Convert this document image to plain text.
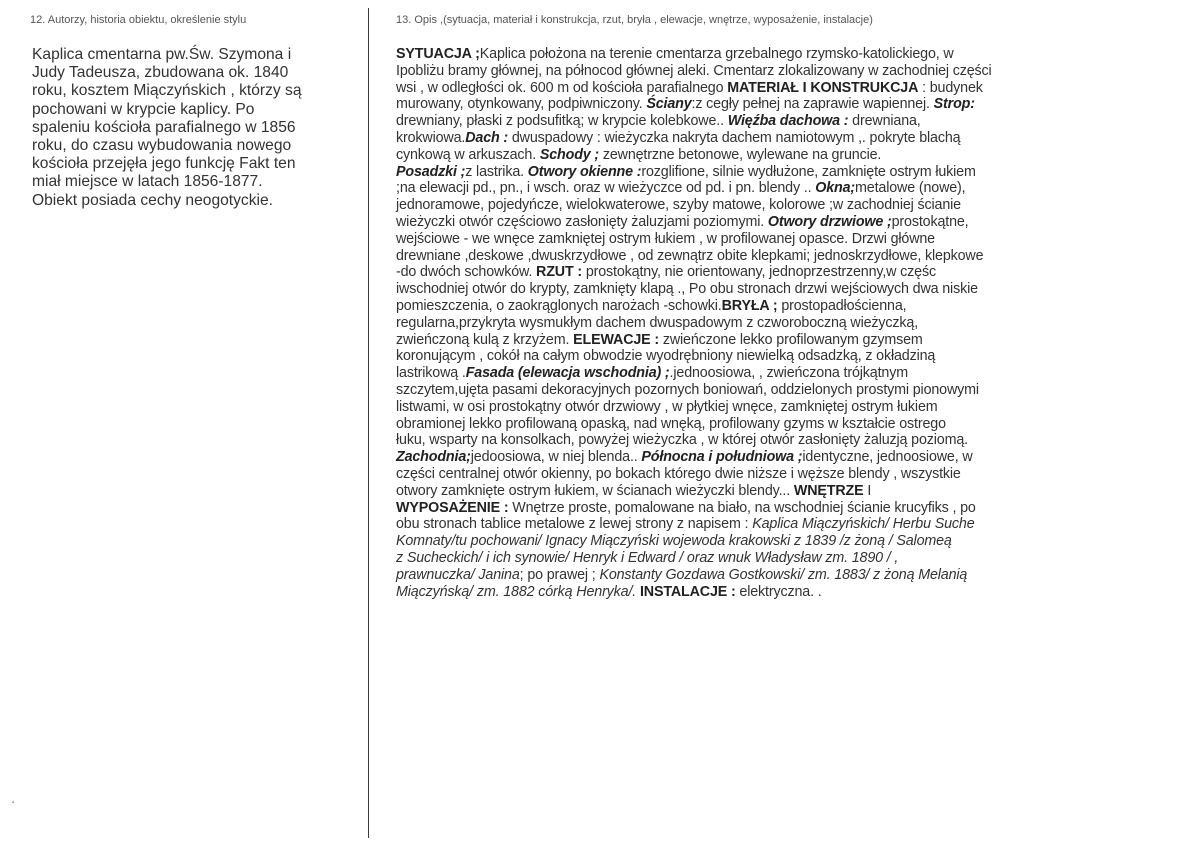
12. Autorzy, historia obiektu, określenie stylu
Kaplica cmentarna pw.Św. Szymona i
Judy Tadeusza, zbudowana ok. 1840
roku, kosztem Miączyńskich , którzy są
pochowani w krypcie kaplicy. Po
spaleniu kościoła parafialnego w 1856
roku, do czasu wybudowania nowego
kościoła przejęła jego funkcję Fakt ten
miał miejsce w latach 1856-1877.
Obiekt posiada cechy neogotyckie.
13. Opis ,(sytuacja, materiał i konstrukcja, rzut, bryła , elewacje, wnętrze, wyposażenie, instalacje)
SYTUACJA ;Kaplica położona na terenie cmentarza grzebalnego rzymsko-katolickiego, w
Ipobliżu bramy głównej, na północod głównej aleki. Cmentarz zlokalizowany w zachodniej części
wsi , w odległości ok. 600 m od kościoła parafialnego MATERIAŁ I KONSTRUKCJA : budynek
murowany, otynkowany, podpiwniczony. Ściany:z cegły pełnej na zaprawie wapiennej. Strop:
drewniany, płaski z podsufitką; w krypcie kolebkowe.. Więźba dachowa : drewniana,
krokwiowa.Dach : dwuspadowy : wieżyczka nakryta dachem namiotowym ,. pokryte blachą
cynkową w arkuszach. Schody ; zewnętrzne betonowe, wylewane na gruncie.
Posadzki ;z lastrika. Otwory okienne :rozglifione, silnie wydłużone, zamknięte ostrym łukiem
;na elewacji pd., pn., i wsch. oraz w wieżyczce od pd. i pn. blendy .. Okna;metalowe (nowe),
jednoramowe, pojedyńcze, wielokwaterowe, szyby matowe, kolorowe ;w zachodniej ścianie
wieżyczki otwór częściowo zasłonięty żaluzjami poziomymi. Otwory drzwiowe ;prostokątne,
wejściowe - we wnęce zamkniętej ostrym łukiem , w profilowanej opasce. Drzwi główne
drewniane ,deskowe ,dwuskrzydłowe , od zewnątrz obite klepkami; jednoskrzydłowe, klepkowe
-do dwóch schowków. RZUT : prostokątny, nie orientowany, jednoprzestrzenny,w częśc
iwschodniej otwór do krypty, zamknięty klapą ., Po obu stronach drzwi wejściowych dwa niskie
pomieszczenia, o zaokrąglonych narożach -schowki.BRYŁA ; prostopadłościenna,
regularna,przykryta wysmukłym dachem dwuspadowym z czworoboczną wieżyczką,
zwieńczoną kulą z krzyżem. ELEWACJE : zwieńczone lekko profilowanym gzymsem
koronującym , cokół na całym obwodzie wyodrębniony niewielką odsadzką, z okładziną
lastrikową .Fasada (elewacja wschodnia) ;.jednoosiowa, , zwieńczona trójkątnym
szczytem,ujęta pasami dekoracyjnych pozornych boniowań, oddzielonych prostymi pionowymi
listwami, w osi prostokątny otwór drzwiowy , w płytkiej wnęce, zamkniętej ostrym łukiem
obramionej lekko profilowaną opaską, nad wnęką, profilowany gzyms w kształcie ostrego
łuku, wsparty na konsolkach, powyżej wieżyczka , w której otwór zasłonięty żaluzją poziomą.
Zachodnia;jedoosiowa, w niej blenda.. Północna i południowa ;identyczne, jednoosiowe, w
części centralnej otwór okienny, po bokach którego dwie niższe i węższe blendy , wszystkie
otwory zamknięte ostrym łukiem, w ścianach wieżyczki blendy... WNĘTRZE I
WYPOSAŻENIE : Wnętrze proste, pomalowane na biało, na wschodniej ścianie krucyfiks , po
obu stronach tablice metalowe z lewej strony z napisem : Kaplica Miączyńskich/ Herbu Suche
Komnaty/tu pochowani/ Ignacy Miączyński wojewoda krakowski z 1839 /z żoną / Salomeą
z Sucheckich/ i ich synowie/ Henryk i Edward / oraz wnuk Władysław zm. 1890 / ,
prawnuczka/ Janina; po prawej ; Konstanty Gozdawa Gostkowski/ zm. 1883/ z żoną Melanią
Miączyńską/ zm. 1882 córką Henryka/. INSTALACJE : elektryczna. .
ʻ
